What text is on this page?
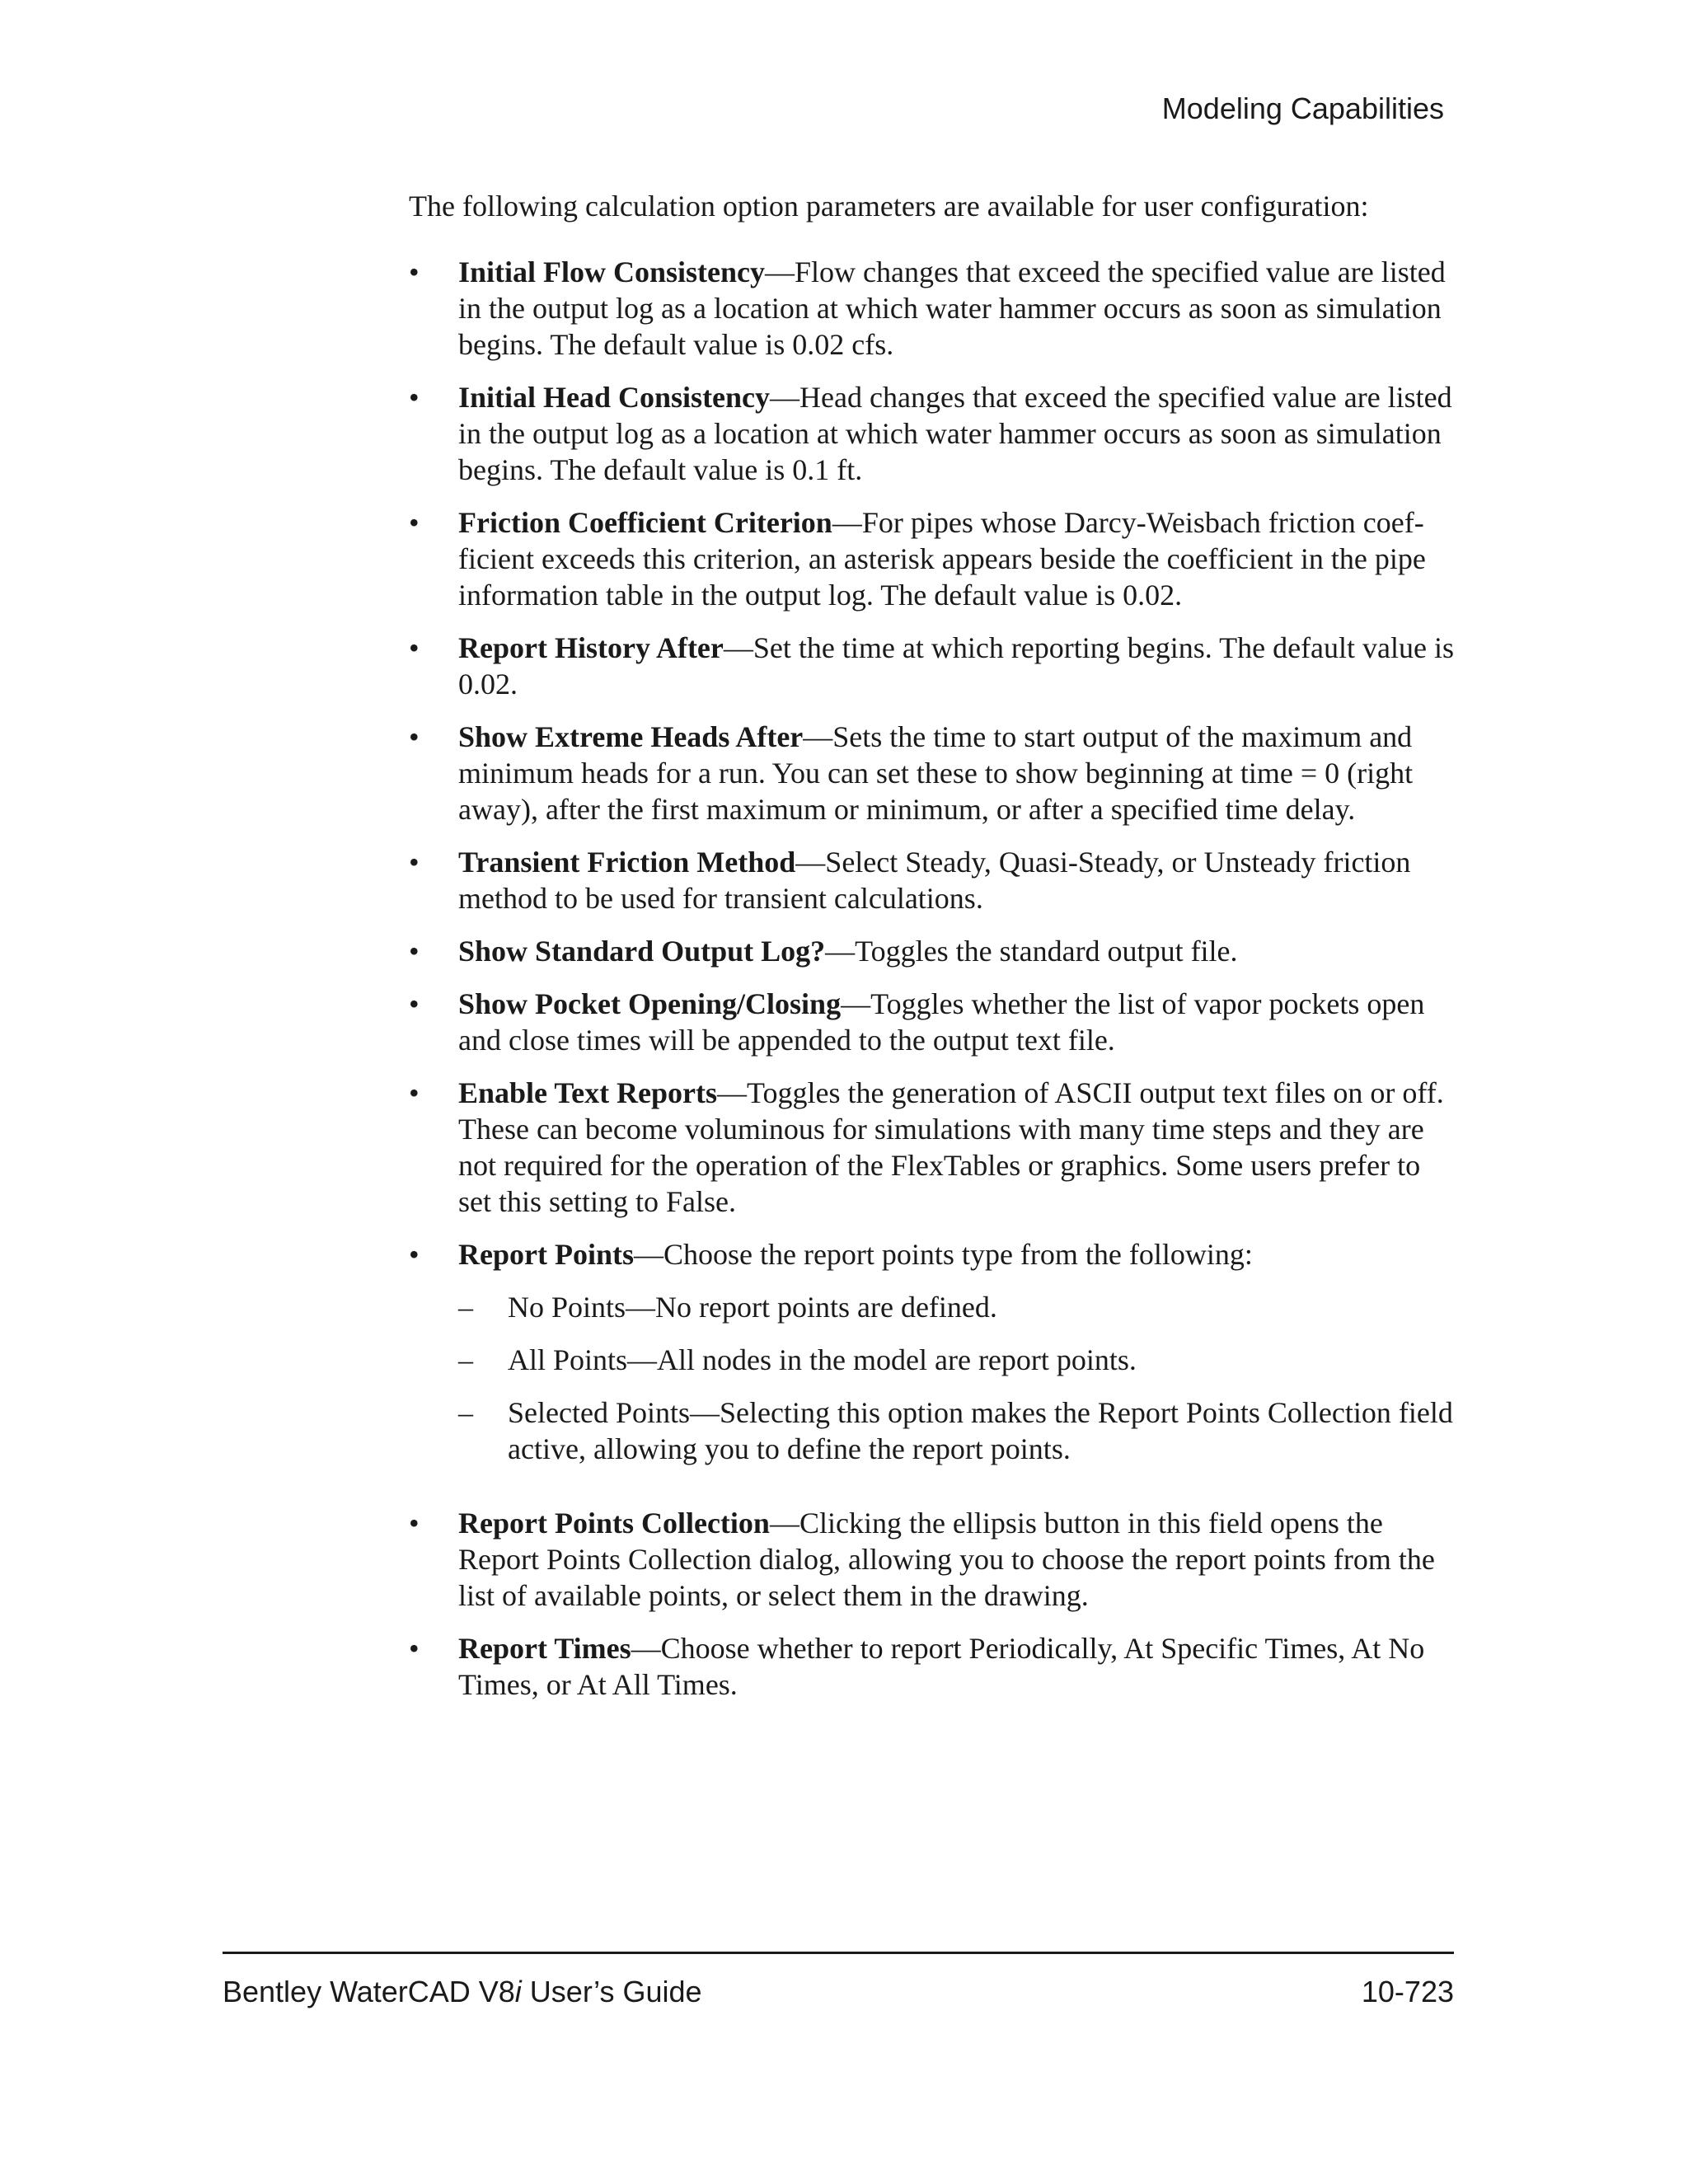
Modeling Capabilities

The following calculation option parameters are available for user configuration:

• Initial Flow Consistency—Flow changes that exceed the specified value are listed in the output log as a location at which water hammer occurs as soon as simulation begins. The default value is 0.02 cfs.
• Initial Head Consistency—Head changes that exceed the specified value are listed in the output log as a location at which water hammer occurs as soon as simulation begins. The default value is 0.1 ft.
• Friction Coefficient Criterion—For pipes whose Darcy-Weisbach friction coefficient exceeds this criterion, an asterisk appears beside the coefficient in the pipe information table in the output log. The default value is 0.02.
• Report History After—Set the time at which reporting begins. The default value is 0.02.
• Show Extreme Heads After—Sets the time to start output of the maximum and minimum heads for a run. You can set these to show beginning at time = 0 (right away), after the first maximum or minimum, or after a specified time delay.
• Transient Friction Method—Select Steady, Quasi-Steady, or Unsteady friction method to be used for transient calculations.
• Show Standard Output Log?—Toggles the standard output file.
• Show Pocket Opening/Closing—Toggles whether the list of vapor pockets open and close times will be appended to the output text file.
• Enable Text Reports—Toggles the generation of ASCII output text files on or off. These can become voluminous for simulations with many time steps and they are not required for the operation of the FlexTables or graphics. Some users prefer to set this setting to False.
• Report Points—Choose the report points type from the following:
– No Points—No report points are defined.
– All Points—All nodes in the model are report points.
– Selected Points—Selecting this option makes the Report Points Collection field active, allowing you to define the report points.
• Report Points Collection—Clicking the ellipsis button in this field opens the Report Points Collection dialog, allowing you to choose the report points from the list of available points, or select them in the drawing.
• Report Times—Choose whether to report Periodically, At Specific Times, At No Times, or At All Times.
Bentley WaterCAD V8i User’s Guide	10-723
